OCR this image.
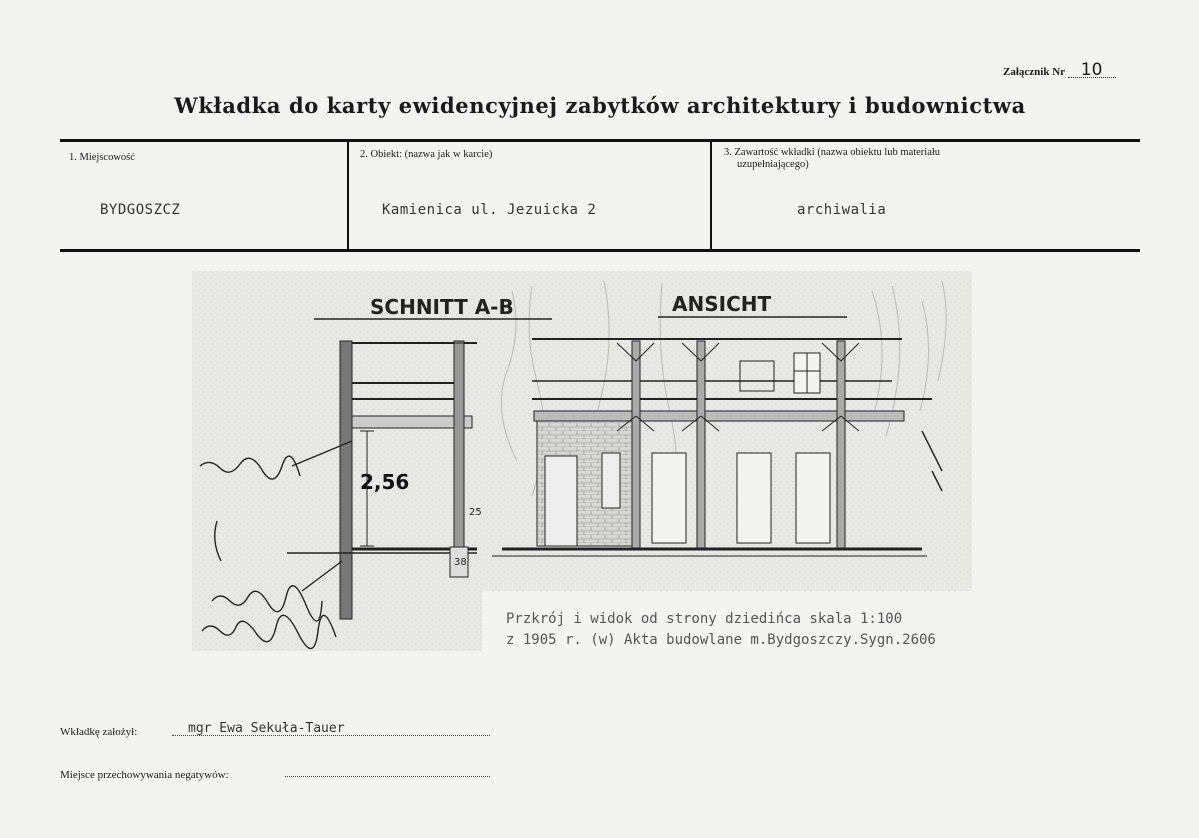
Załącznik Nr 10
Wkładka do karty ewidencyjnej zabytków architektury i budownictwa
1. Miejscowość
BYDGOSZCZ
2. Obiekt: (nazwa jak w karcie)
Kamienica ul. Jezuicka 2
3. Zawartość wkładki (nazwa obiektu lub materiału
uzupełniającego)
archiwalia
SCHNITT A-B	ANSICHT
2,56
25
38
Przkrój i widok od strony dziedińca skala 1:100
z 1905 r. (w) Akta budowlane m.Bydgoszczy.Sygn.2606
Wkładkę założył:	mgr Ewa Sekuła-Tauer
Miejsce przechowywania negatywów:
